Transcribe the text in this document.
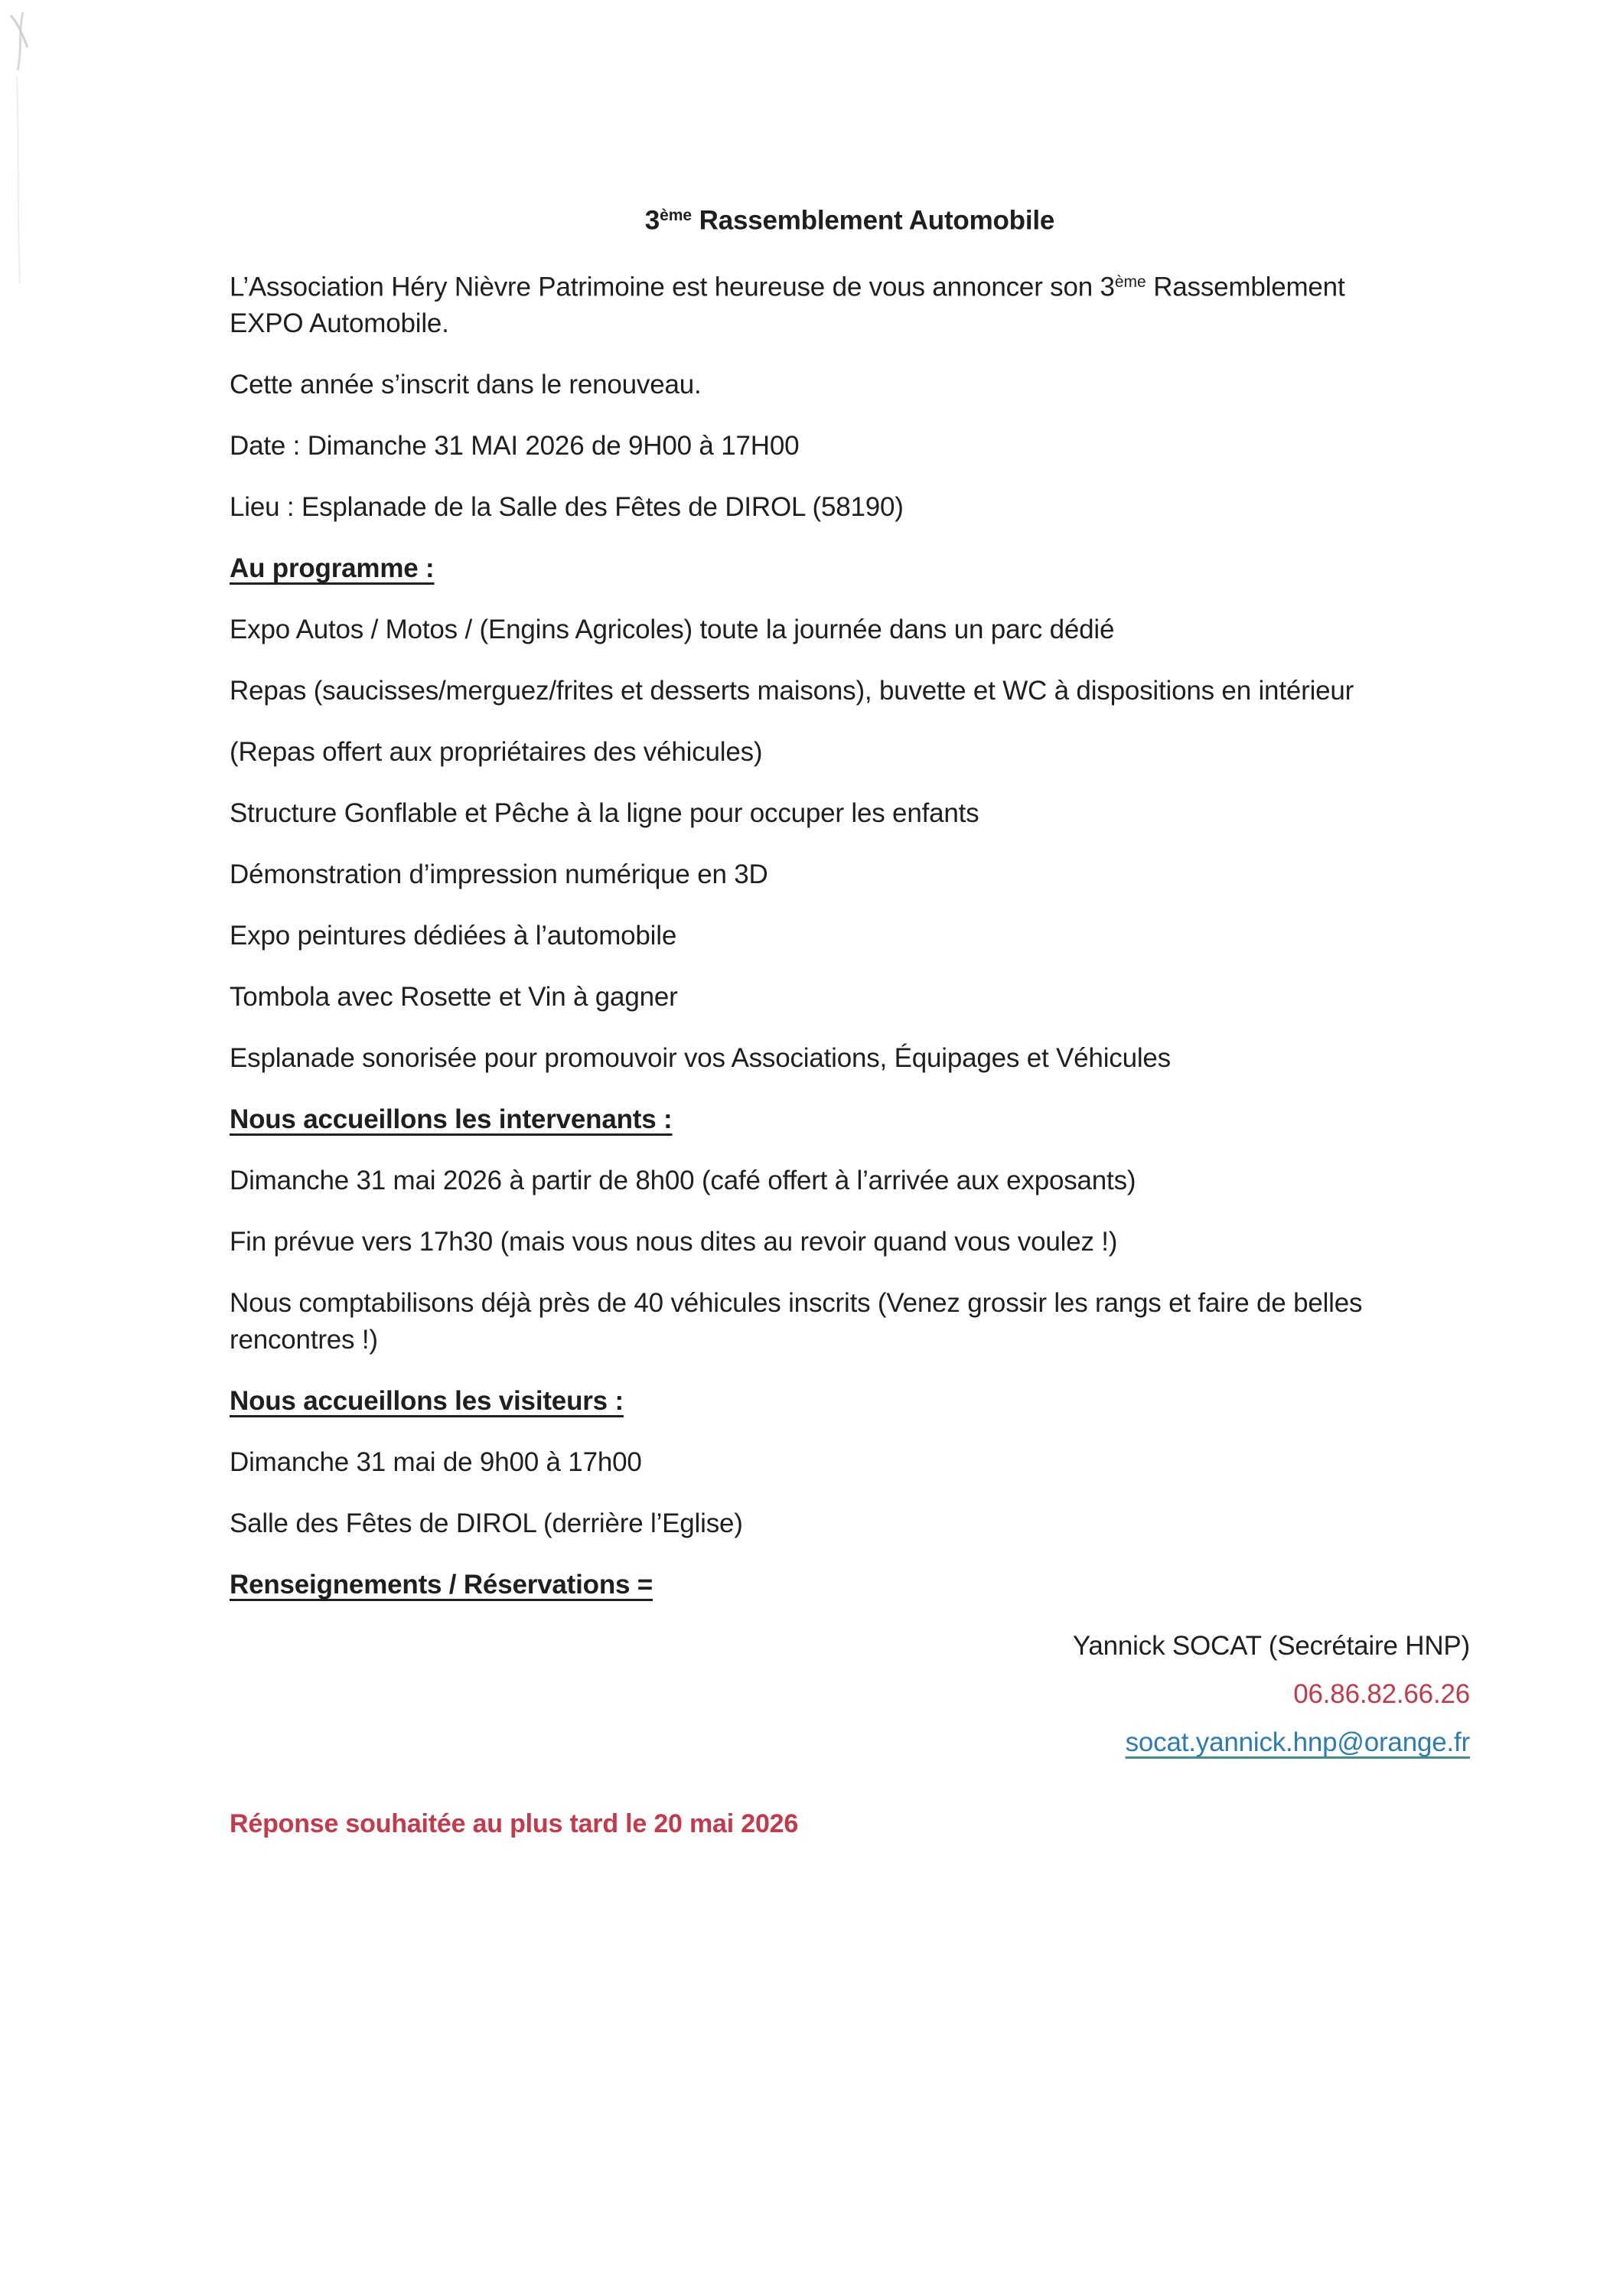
3ème Rassemblement Automobile

L’Association Héry Nièvre Patrimoine est heureuse de vous annoncer son 3ème Rassemblement
EXPO Automobile.

Cette année s’inscrit dans le renouveau.

Date : Dimanche 31 MAI 2026 de 9H00 à 17H00

Lieu : Esplanade de la Salle des Fêtes de DIROL (58190)

Au programme :

Expo Autos / Motos / (Engins Agricoles) toute la journée dans un parc dédié

Repas (saucisses/merguez/frites et desserts maisons), buvette et WC à dispositions en intérieur

(Repas offert aux propriétaires des véhicules)

Structure Gonflable et Pêche à la ligne pour occuper les enfants

Démonstration d’impression numérique en 3D

Expo peintures dédiées à l’automobile

Tombola avec Rosette et Vin à gagner

Esplanade sonorisée pour promouvoir vos Associations, Équipages et Véhicules

Nous accueillons les intervenants :

Dimanche 31 mai 2026 à partir de 8h00 (café offert à l’arrivée aux exposants)

Fin prévue vers 17h30 (mais vous nous dites au revoir quand vous voulez !)

Nous comptabilisons déjà près de 40 véhicules inscrits (Venez grossir les rangs et faire de belles
rencontres !)

Nous accueillons les visiteurs :

Dimanche 31 mai de 9h00 à 17h00

Salle des Fêtes de DIROL (derrière l’Eglise)

Renseignements / Réservations =

Yannick SOCAT (Secrétaire HNP)

06.86.82.66.26

socat.yannick.hnp@orange.fr

Réponse souhaitée au plus tard le 20 mai 2026
